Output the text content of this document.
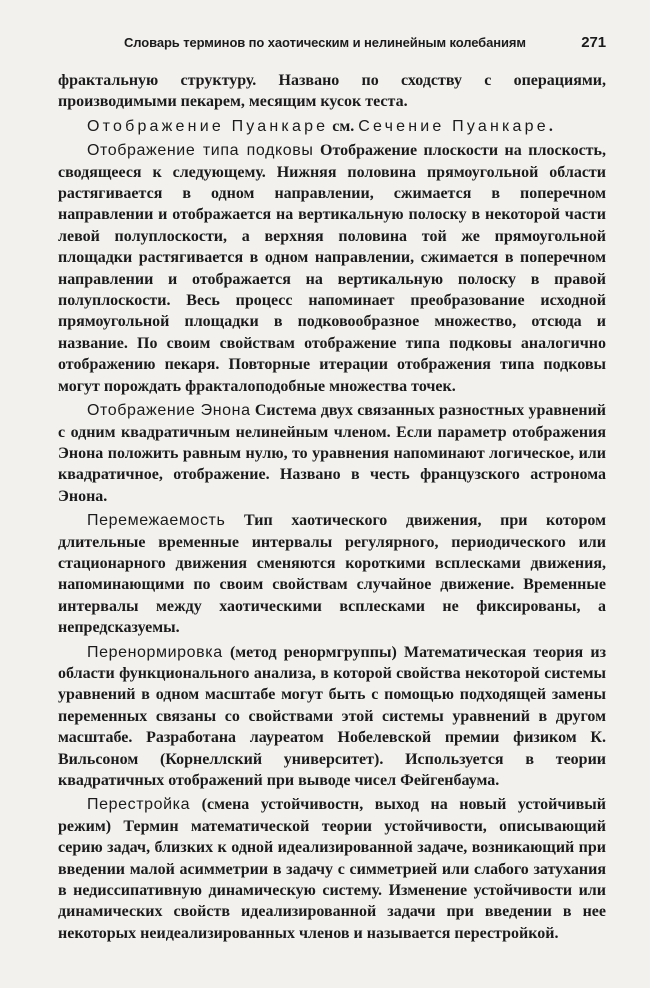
Словарь терминов по хаотическим и нелинейным колебаниям	271

фрактальную структуру. Названо по сходству с операциями, производимыми пекарем, месящим кусок теста.

Отображение Пуанкаре см. Сечение Пуанкаре.

Отображение типа подковы Отображение плоскости на плоскость, сводящееся к следующему. Нижняя половина прямоугольной области растягивается в одном направлении, сжимается в поперечном направлении и отображается на вертикальную полоску в некоторой части левой полуплоскости, а верхняя половина той же прямоугольной площадки растягивается в одном направлении, сжимается в поперечном направлении и отображается на вертикальную полоску в правой полуплоскости. Весь процесс напоминает преобразование исходной прямоугольной площадки в подковообразное множество, отсюда и название. По своим свойствам отображение типа подковы аналогично отображению пекаря. Повторные итерации отображения типа подковы могут порождать фракталоподобные множества точек.

Отображение Энона Система двух связанных разностных уравнений с одним квадратичным нелинейным членом. Если параметр отображения Энона положить равным нулю, то уравнения напоминают логическое, или квадратичное, отображение. Названо в честь французского астронома Энона.

Перемежаемость Тип хаотического движения, при котором длительные временные интервалы регулярного, периодического или стационарного движения сменяются короткими всплесками движения, напоминающими по своим свойствам случайное движение. Временные интервалы между хаотическими всплесками не фиксированы, а непредсказуемы.

Перенормировка (метод ренормгруппы) Математическая теория из области функционального анализа, в которой свойства некоторой системы уравнений в одном масштабе могут быть с помощью подходящей замены переменных связаны со свойствами этой системы уравнений в другом масштабе. Разработана лауреатом Нобелевской премии физиком К. Вильсоном (Корнеллский университет). Используется в теории квадратичных отображений при выводе чисел Фейгенбаума.

Перестройка (смена устойчивостн, выход на новый устойчивый режим) Термин математической теории устойчивости, описывающий серию задач, близких к одной идеализированной задаче, возникающий при введении малой асимметрии в задачу с симметрией или слабого затухания в недиссипативную динамическую систему. Изменение устойчивости или динамических свойств идеализированной задачи при введении в нее некоторых неидеализированных членов и называется перестройкой.
